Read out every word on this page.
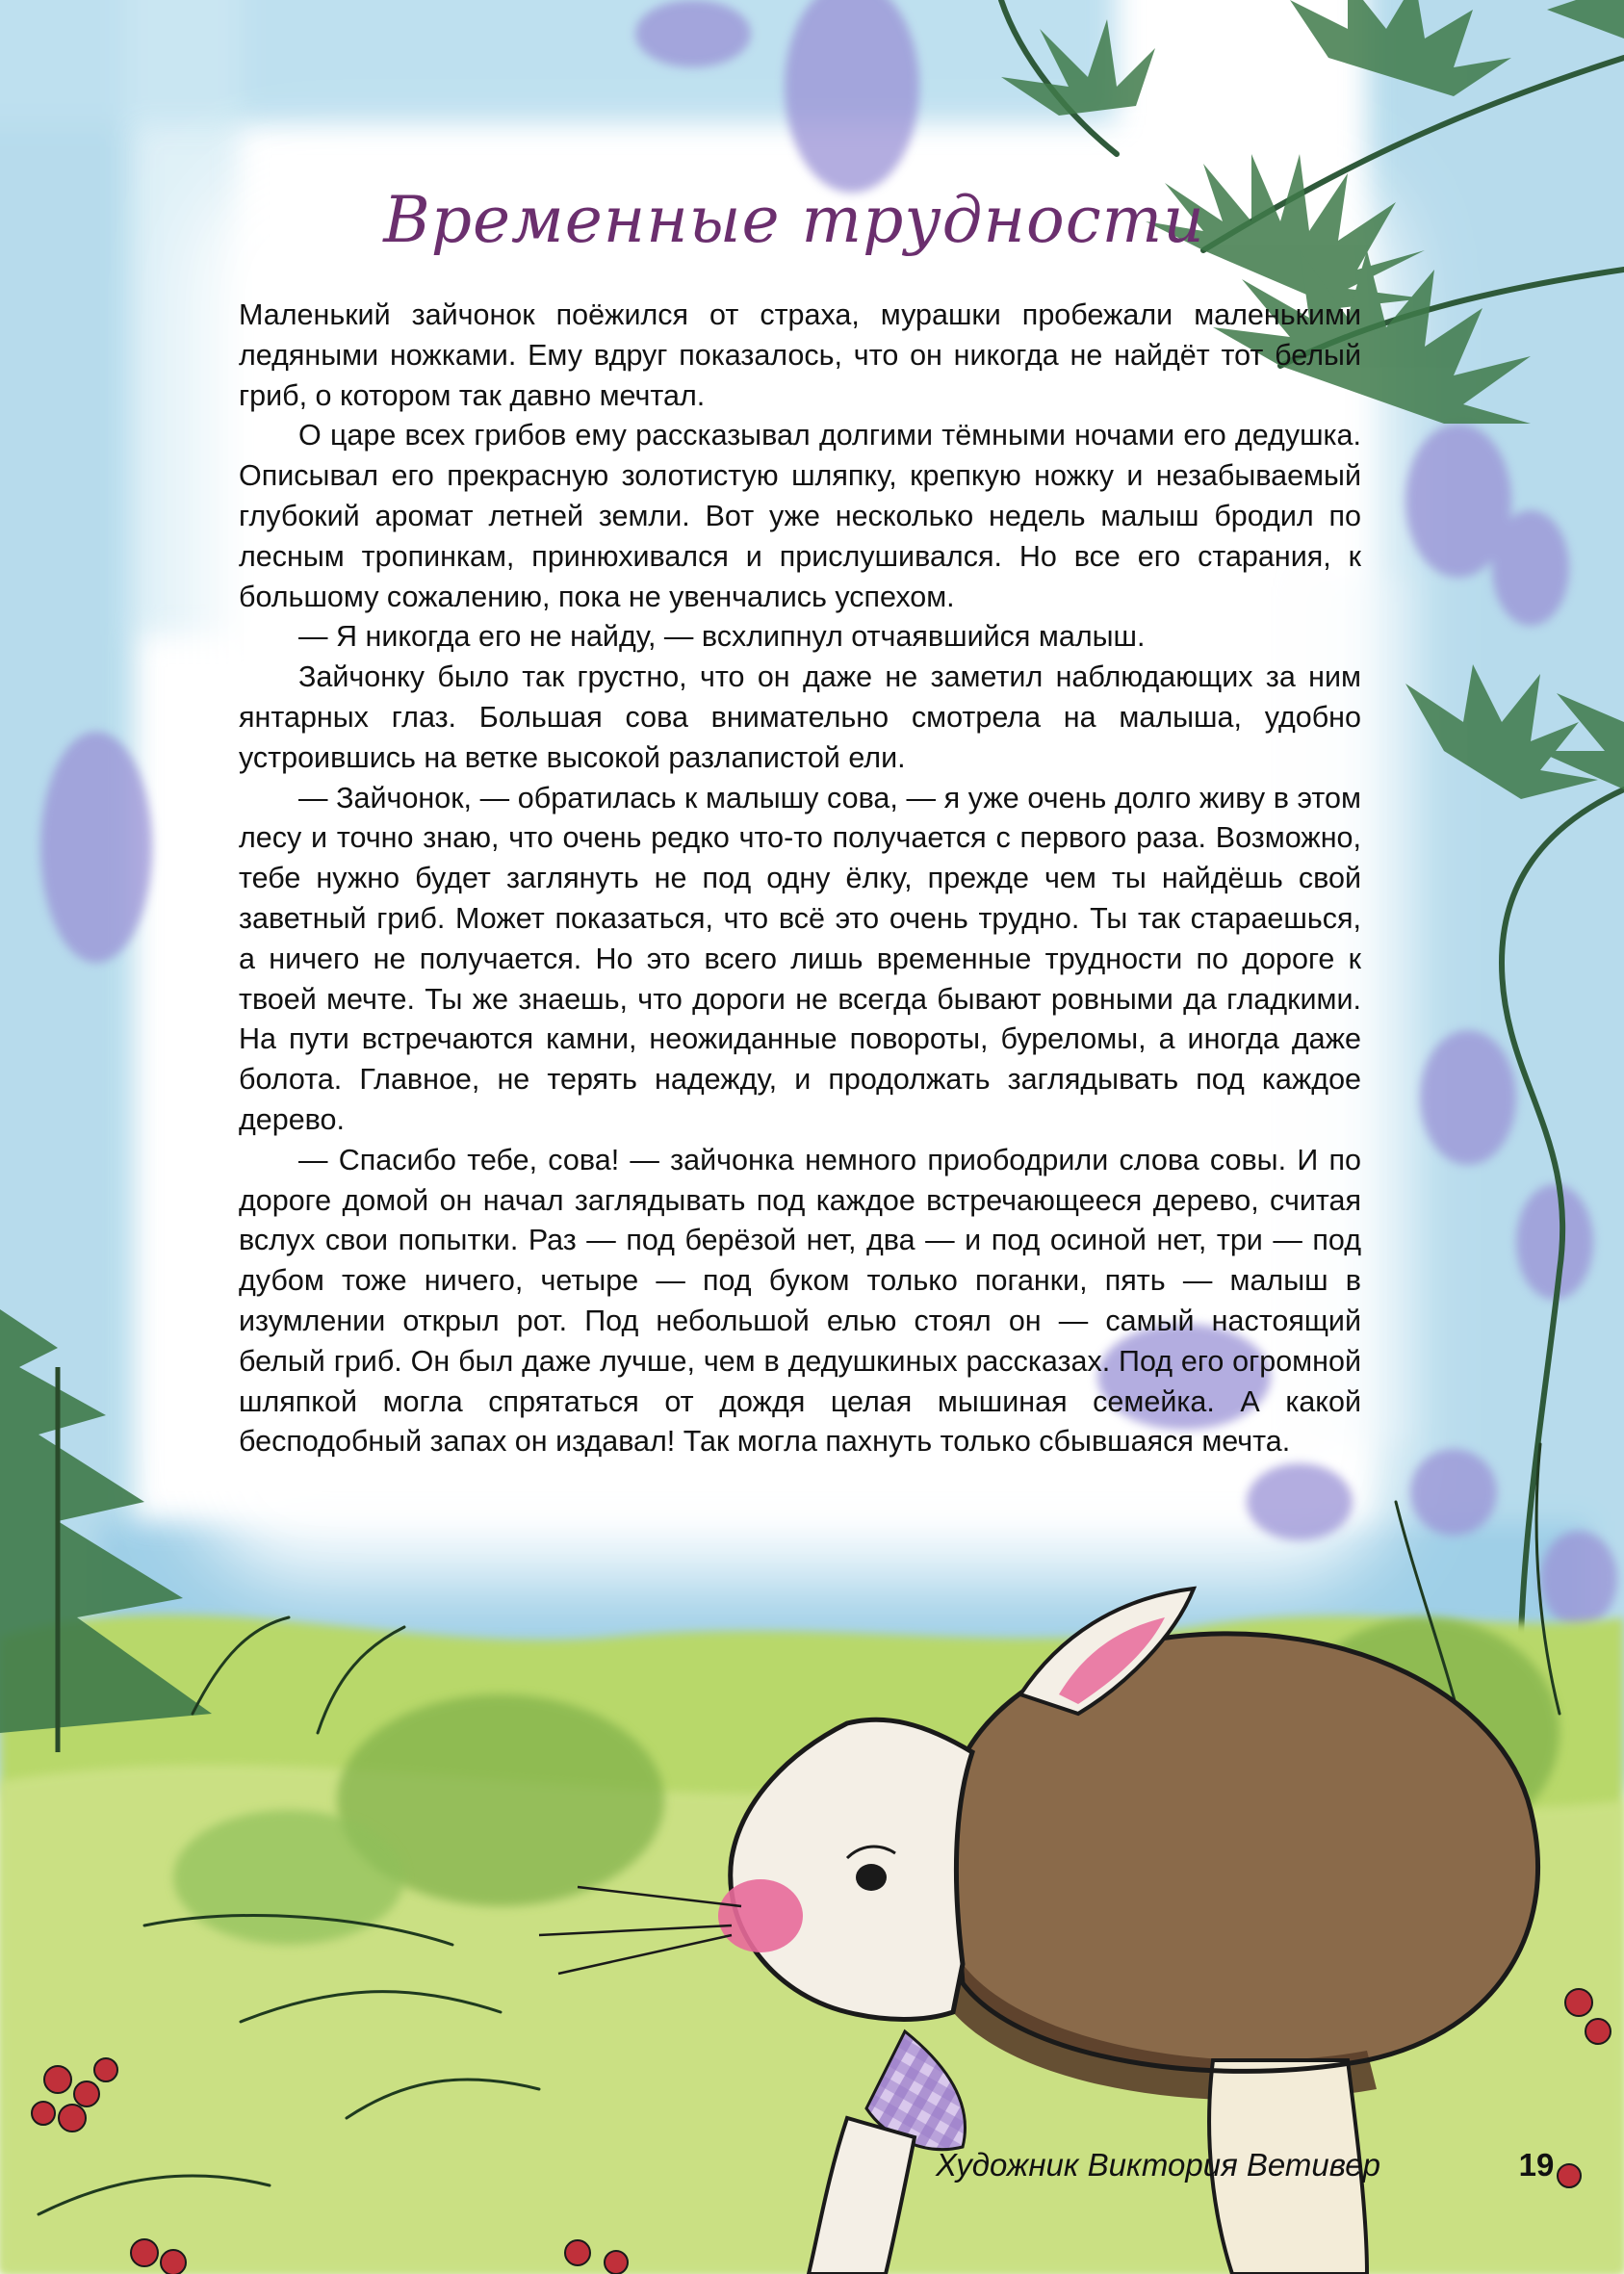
Временные трудности

Маленький зайчонок поёжился от страха, мурашки пробежали маленькими ледяными ножками. Ему вдруг показалось, что он никогда не найдёт тот белый гриб, о котором так давно мечтал.

О царе всех грибов ему рассказывал долгими тёмными ночами его дедушка. Описывал его прекрасную золотистую шляпку, крепкую ножку и незабываемый глубокий аромат летней земли. Вот уже несколько недель малыш бродил по лесным тропинкам, принюхивался и прислушивался. Но все его старания, к большому сожалению, пока не увенчались успехом.

— Я никогда его не найду, — всхлипнул отчаявшийся малыш.

Зайчонку было так грустно, что он даже не заметил наблюдающих за ним янтарных глаз. Большая сова внимательно смотрела на малыша, удобно устроившись на ветке высокой разлапистой ели.

— Зайчонок, — обратилась к малышу сова, — я уже очень долго живу в этом лесу и точно знаю, что очень редко что-то получается с первого раза. Возможно, тебе нужно будет заглянуть не под одну ёлку, прежде чем ты найдёшь свой заветный гриб. Может показаться, что всё это очень трудно. Ты так стараешься, а ничего не получается. Но это всего лишь временные трудности по дороге к твоей мечте. Ты же знаешь, что дороги не всегда бывают ровными да гладкими. На пути встречаются камни, неожиданные повороты, буреломы, а иногда даже болота. Главное, не терять надежду, и продолжать заглядывать под каждое дерево.

— Спасибо тебе, сова! — зайчонка немного приободрили слова совы. И по дороге домой он начал заглядывать под каждое встречающееся дерево, считая вслух свои попытки. Раз — под берёзой нет, два — и под осиной нет, три — под дубом тоже ничего, четыре — под буком только поганки, пять — малыш в изумлении открыл рот. Под небольшой елью стоял он — самый настоящий белый гриб. Он был даже лучше, чем в дедушкиных рассказах. Под его огромной шляпкой могла спрятаться от дождя целая мышиная семейка. А какой бесподобный запах он издавал! Так могла пахнуть только сбывшаяся мечта.

Художник Виктория Ветивер	19
